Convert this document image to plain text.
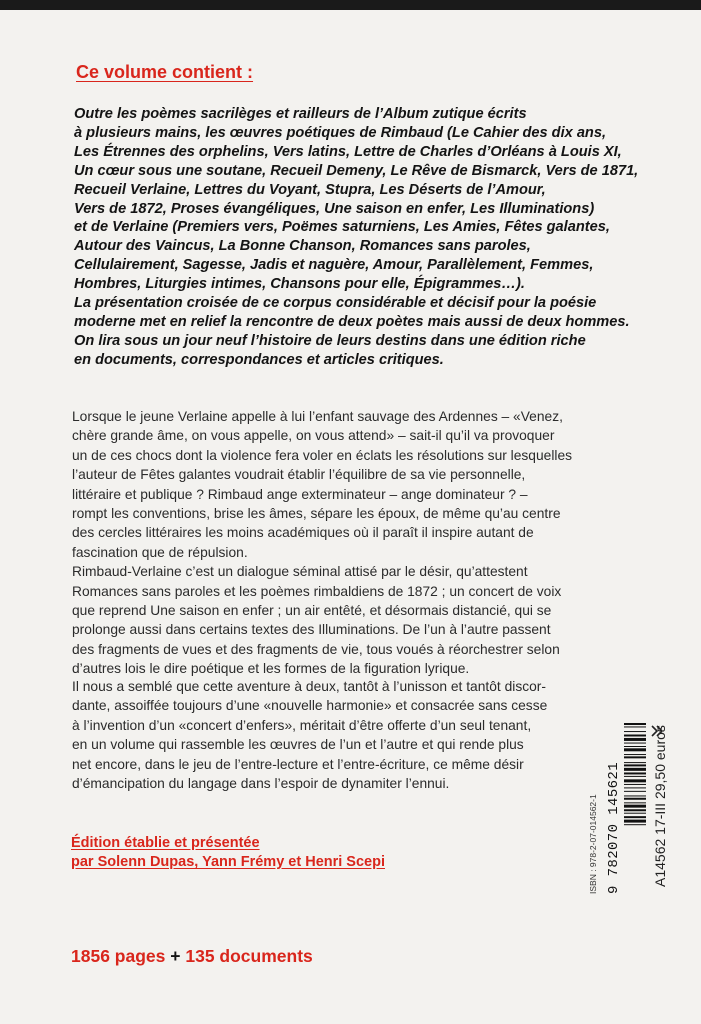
Ce volume contient :
Outre les poèmes sacrilèges et railleurs de l’Album zutique écrits
à plusieurs mains, les œuvres poétiques de Rimbaud (Le Cahier des dix ans,
Les Étrennes des orphelins, Vers latins, Lettre de Charles d’Orléans à Louis XI,
Un cœur sous une soutane, Recueil Demeny, Le Rêve de Bismarck, Vers de 1871,
Recueil Verlaine, Lettres du Voyant, Stupra, Les Déserts de l’Amour,
Vers de 1872, Proses évangéliques, Une saison en enfer, Les Illuminations)
et de Verlaine (Premiers vers, Poëmes saturniens, Les Amies, Fêtes galantes,
Autour des Vaincus, La Bonne Chanson, Romances sans paroles,
Cellulairement, Sagesse, Jadis et naguère, Amour, Parallèlement, Femmes,
Hombres, Liturgies intimes, Chansons pour elle, Épigrammes…).
La présentation croisée de ce corpus considérable et décisif pour la poésie
moderne met en relief la rencontre de deux poètes mais aussi de deux hommes.
On lira sous un jour neuf l’histoire de leurs destins dans une édition riche
en documents, correspondances et articles critiques.
Lorsque le jeune Verlaine appelle à lui l’enfant sauvage des Ardennes – «Venez,
chère grande âme, on vous appelle, on vous attend» – sait-il qu’il va provoquer
un de ces chocs dont la violence fera voler en éclats les résolutions sur lesquelles
l’auteur de Fêtes galantes voudrait établir l’équilibre de sa vie personnelle,
littéraire et publique ? Rimbaud ange exterminateur – ange dominateur ? –
rompt les conventions, brise les âmes, sépare les époux, de même qu’au centre
des cercles littéraires les moins académiques où il paraît il inspire autant de
fascination que de répulsion.
Rimbaud-Verlaine c’est un dialogue séminal attisé par le désir, qu’attestent
Romances sans paroles et les poèmes rimbaldiens de 1872 ; un concert de voix
que reprend Une saison en enfer ; un air entêté, et désormais distancié, qui se
prolonge aussi dans certains textes des Illuminations. De l’un à l’autre passent
des fragments de vues et des fragments de vie, tous voués à réorchestrer selon
d’autres lois le dire poétique et les formes de la figuration lyrique.
Il nous a semblé que cette aventure à deux, tantôt à l’unisson et tantôt discor-
dante, assoiffée toujours d’une «nouvelle harmonie» et consacrée sans cesse
à l’invention d’un «concert d’enfers», méritait d’être offerte d’un seul tenant,
en un volume qui rassemble les œuvres de l’un et l’autre et qui rende plus
net encore, dans le jeu de l’entre-lecture et l’entre-écriture, ce même désir
d’émancipation du langage dans l’espoir de dynamiter l’ennui.
Édition établie et présentée
par Solenn Dupas, Yann Frémy et Henri Scepi
1856 pages + 135 documents
ISBN : 978-2-07-014562-1 9 782070 145621 A14562 17-III 29,50 euros
